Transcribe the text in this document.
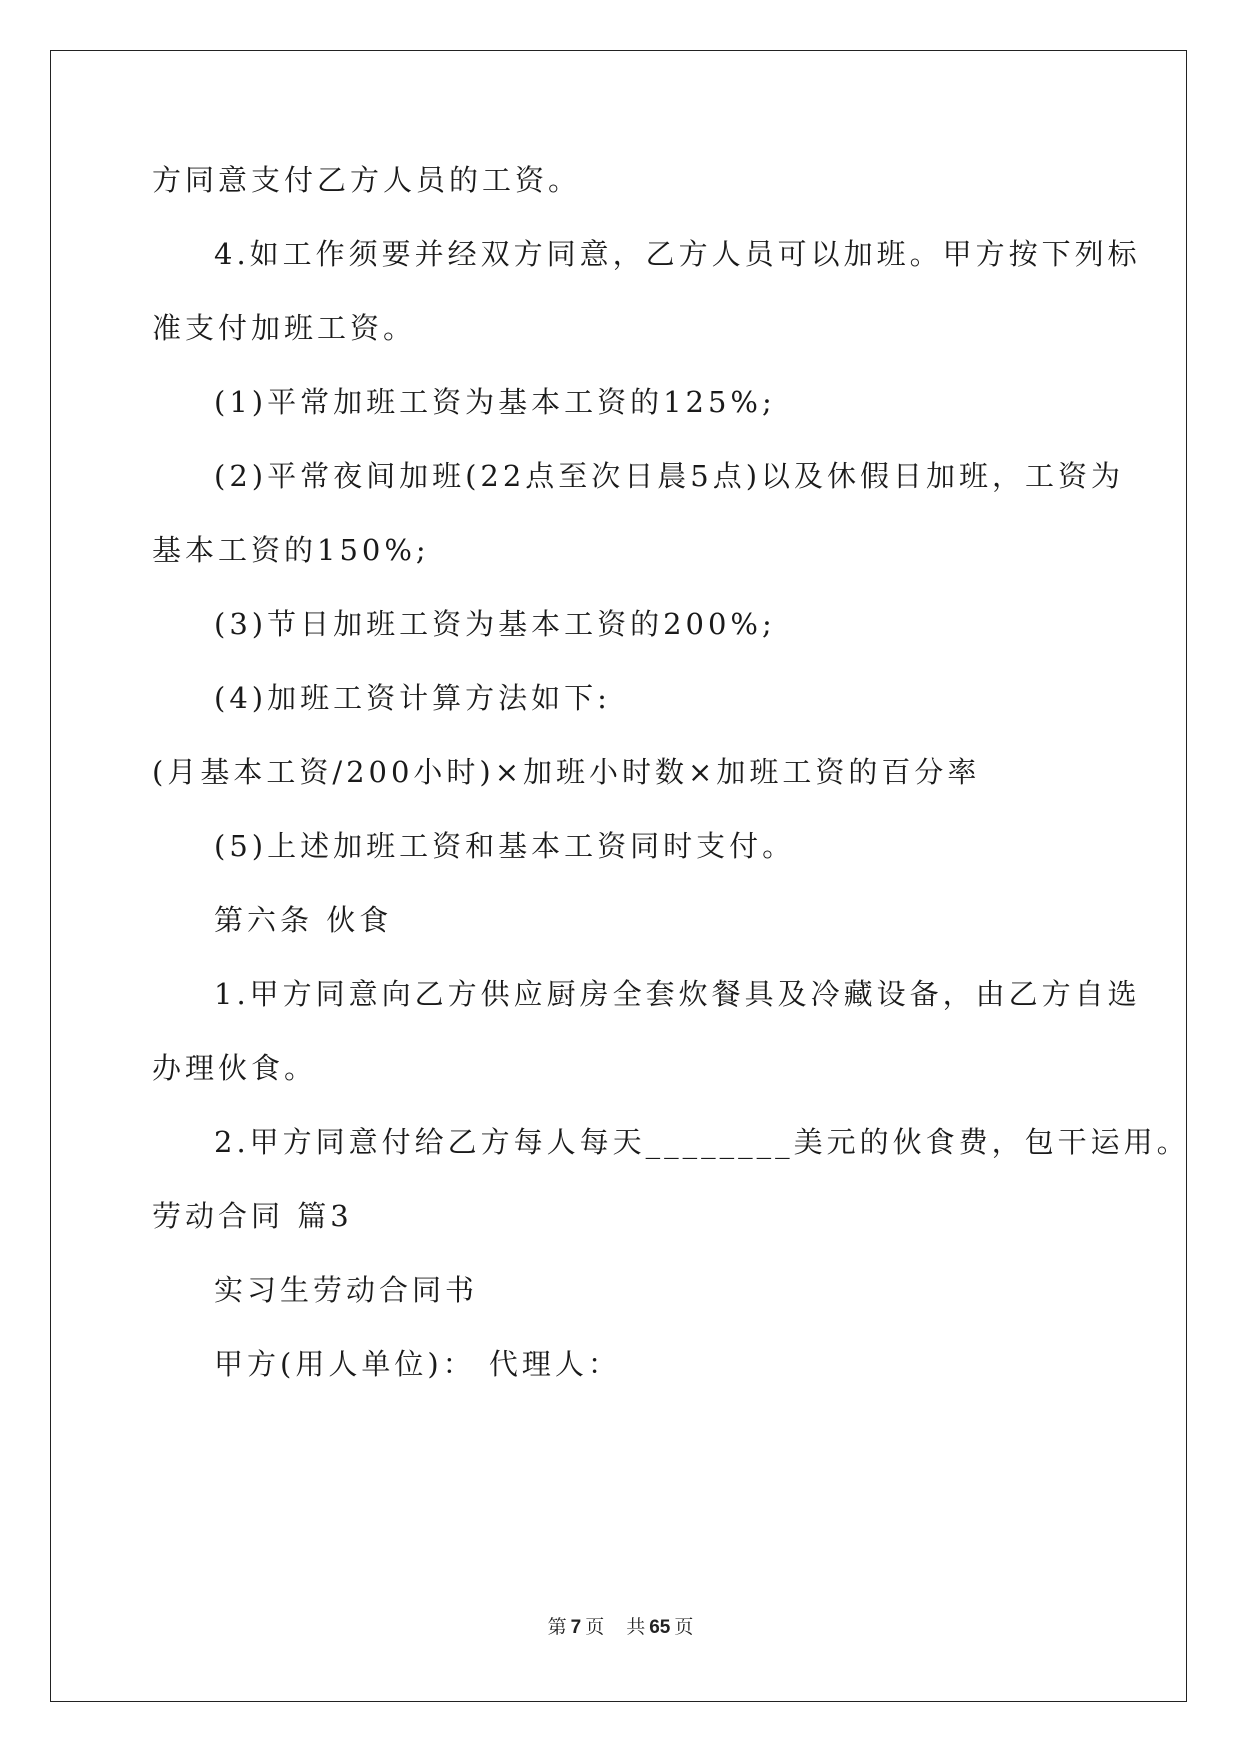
方同意支付乙方人员的工资。
4.如工作须要并经双方同意，乙方人员可以加班。甲方按下列标
准支付加班工资。
(1)平常加班工资为基本工资的125%;
(2)平常夜间加班(22点至次日晨5点)以及休假日加班，工资为
基本工资的150%;
(3)节日加班工资为基本工资的200%;
(4)加班工资计算方法如下:
(月基本工资/200小时)×加班小时数×加班工资的百分率
(5)上述加班工资和基本工资同时支付。
第六条 伙食
1.甲方同意向乙方供应厨房全套炊餐具及冷藏设备，由乙方自选
办理伙食。
2.甲方同意付给乙方每人每天________美元的伙食费，包干运用。
劳动合同 篇3
实习生劳动合同书
甲方(用人单位)： 代理人：
第 7 页 共 65 页
